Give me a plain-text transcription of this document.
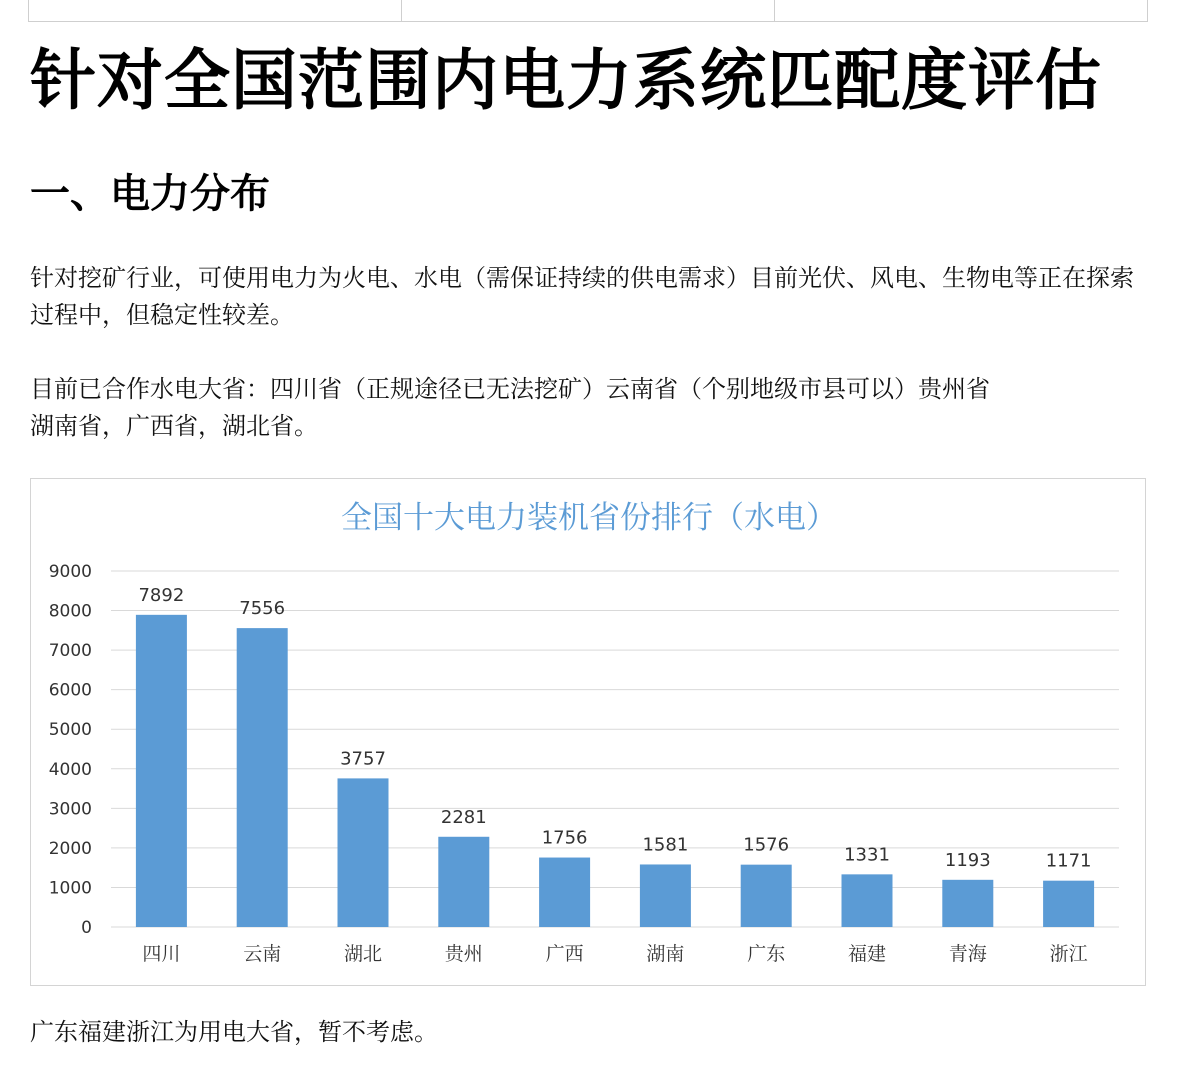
针对全国范围内电力系统匹配度评估
一、电力分布

针对挖矿行业，可使用电力为火电、水电（需保证持续的供电需求）目前光伏、风电、生物电等正在探索过程中，但稳定性较差。

目前已合作水电大省：四川省（正规途径已无法挖矿）云南省（个别地级市县可以）贵州省
湖南省，广西省，湖北省。

全国十大电力装机省份排行（水电）
0
1000
2000
3000
4000
5000
6000
7000
8000
9000
7892
四川
7556
云南
3757
湖北
2281
贵州
1756
广西
1581
湖南
1576
广东
1331
福建
1193
青海
1171
浙江

广东福建浙江为用电大省，暂不考虑。
